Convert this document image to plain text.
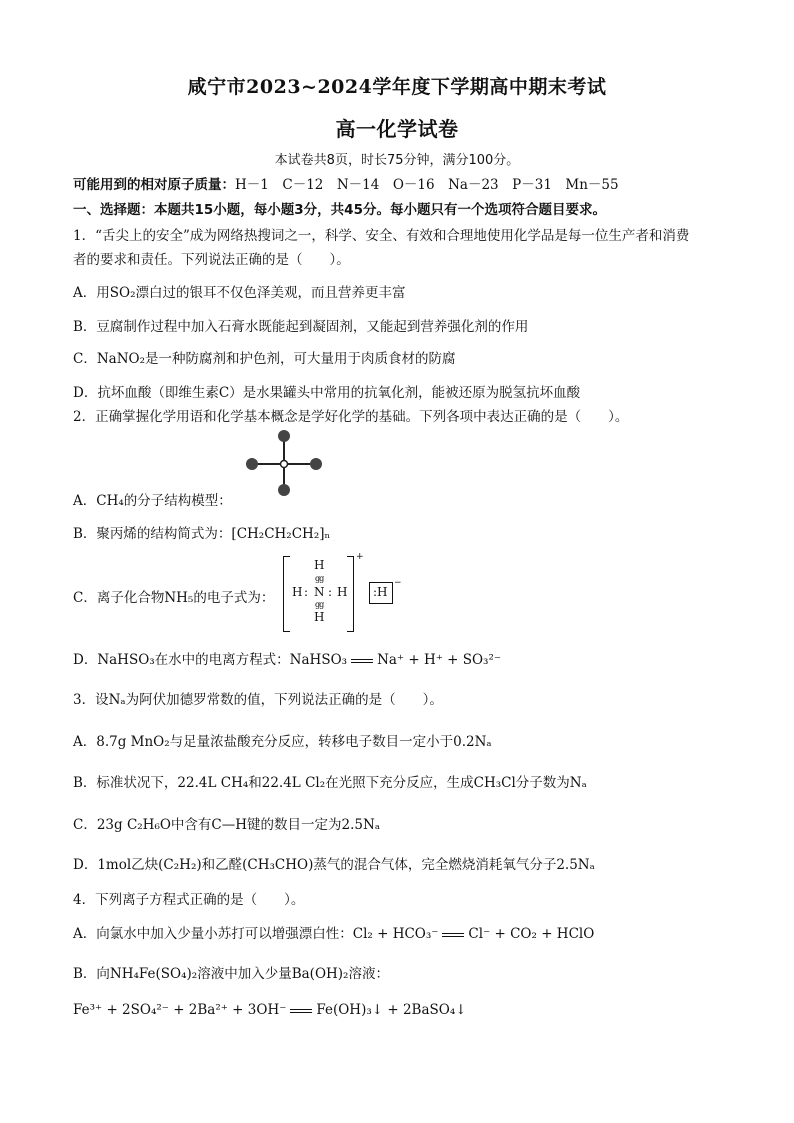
咸宁市2023~2024学年度下学期高中期末考试
高一化学试卷
本试卷共8页，时长75分钟，满分100分。
可能用到的相对原子质量：H－1　C－12　N－14　O－16　Na－23　P－31　Mn－55
一、选择题：本题共15小题，每小题3分，共45分。每小题只有一个选项符合题目要求。
1．“舌尖上的安全”成为网络热搜词之一，科学、安全、有效和合理地使用化学品是每一位生产者和消费
者的要求和责任。下列说法正确的是（　　）。
A．用SO₂漂白过的银耳不仅色泽美观，而且营养更丰富
B．豆腐制作过程中加入石膏水既能起到凝固剂，又能起到营养强化剂的作用
C．NaNO₂是一种防腐剂和护色剂，可大量用于肉质食材的防腐
D．抗坏血酸（即维生素C）是水果罐头中常用的抗氧化剂，能被还原为脱氢抗坏血酸
2．正确掌握化学用语和化学基本概念是学好化学的基础。下列各项中表达正确的是（　　）。
A．CH₄的分子结构模型：
B．聚丙烯的结构简式为：[CH₂CH₂CH₂]ₙ
C．离子化合物NH₅的电子式为：
H
gg
H : N : H
gg
H
+
:H
−
D．NaHSO₃在水中的电离方程式：NaHSO₃ Na⁺ + H⁺ + SO₃²⁻
3．设Nₐ为阿伏加德罗常数的值，下列说法正确的是（　　）。
A．8.7g MnO₂与足量浓盐酸充分反应，转移电子数目一定小于0.2Nₐ
B．标准状况下，22.4L CH₄和22.4L Cl₂在光照下充分反应，生成CH₃Cl分子数为Nₐ
C．23g C₂H₆O中含有C—H键的数目一定为2.5Nₐ
D．1mol乙炔(C₂H₂)和乙醛(CH₃CHO)蒸气的混合气体，完全燃烧消耗氧气分子2.5Nₐ
4．下列离子方程式正确的是（　　）。
A．向氯水中加入少量小苏打可以增强漂白性：Cl₂ + HCO₃⁻ Cl⁻ + CO₂ + HClO
B．向NH₄Fe(SO₄)₂溶液中加入少量Ba(OH)₂溶液：
Fe³⁺ + 2SO₄²⁻ + 2Ba²⁺ + 3OH⁻ Fe(OH)₃↓ + 2BaSO₄↓
